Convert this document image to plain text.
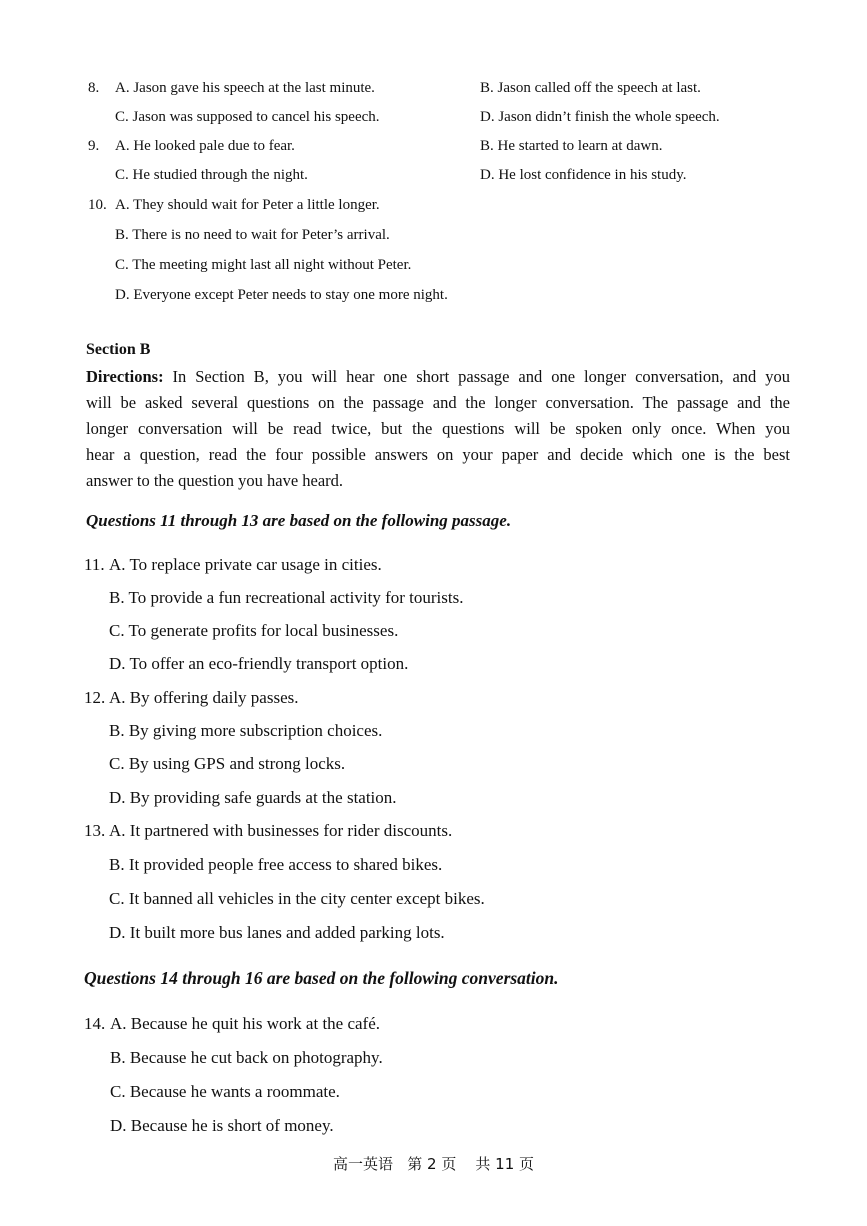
8. A. Jason gave his speech at the last minute.	B. Jason called off the speech at last.
C. Jason was supposed to cancel his speech.	D. Jason didn’t finish the whole speech.
9. A. He looked pale due to fear.	B. He started to learn at dawn.
C. He studied through the night.	D. He lost confidence in his study.
10. A. They should wait for Peter a little longer.
B. There is no need to wait for Peter’s arrival.
C. The meeting might last all night without Peter.
D. Everyone except Peter needs to stay one more night.
Section B
Directions: In Section B, you will hear one short passage and one longer conversation, and you
will be asked several questions on the passage and the longer conversation. The passage and the
longer conversation will be read twice, but the questions will be spoken only once. When you
hear a question, read the four possible answers on your paper and decide which one is the best
answer to the question you have heard.
Questions 11 through 13 are based on the following passage.
11. A. To replace private car usage in cities.
B. To provide a fun recreational activity for tourists.
C. To generate profits for local businesses.
D. To offer an eco-friendly transport option.
12. A. By offering daily passes.
B. By giving more subscription choices.
C. By using GPS and strong locks.
D. By providing safe guards at the station.
13. A. It partnered with businesses for rider discounts.
B. It provided people free access to shared bikes.
C. It banned all vehicles in the city center except bikes.
D. It built more bus lanes and added parking lots.
Questions 14 through 16 are based on the following conversation.
14. A. Because he quit his work at the café.
B. Because he cut back on photography.
C. Because he wants a roommate.
D. Because he is short of money.
高一英语   第 2 页    共 11 页
